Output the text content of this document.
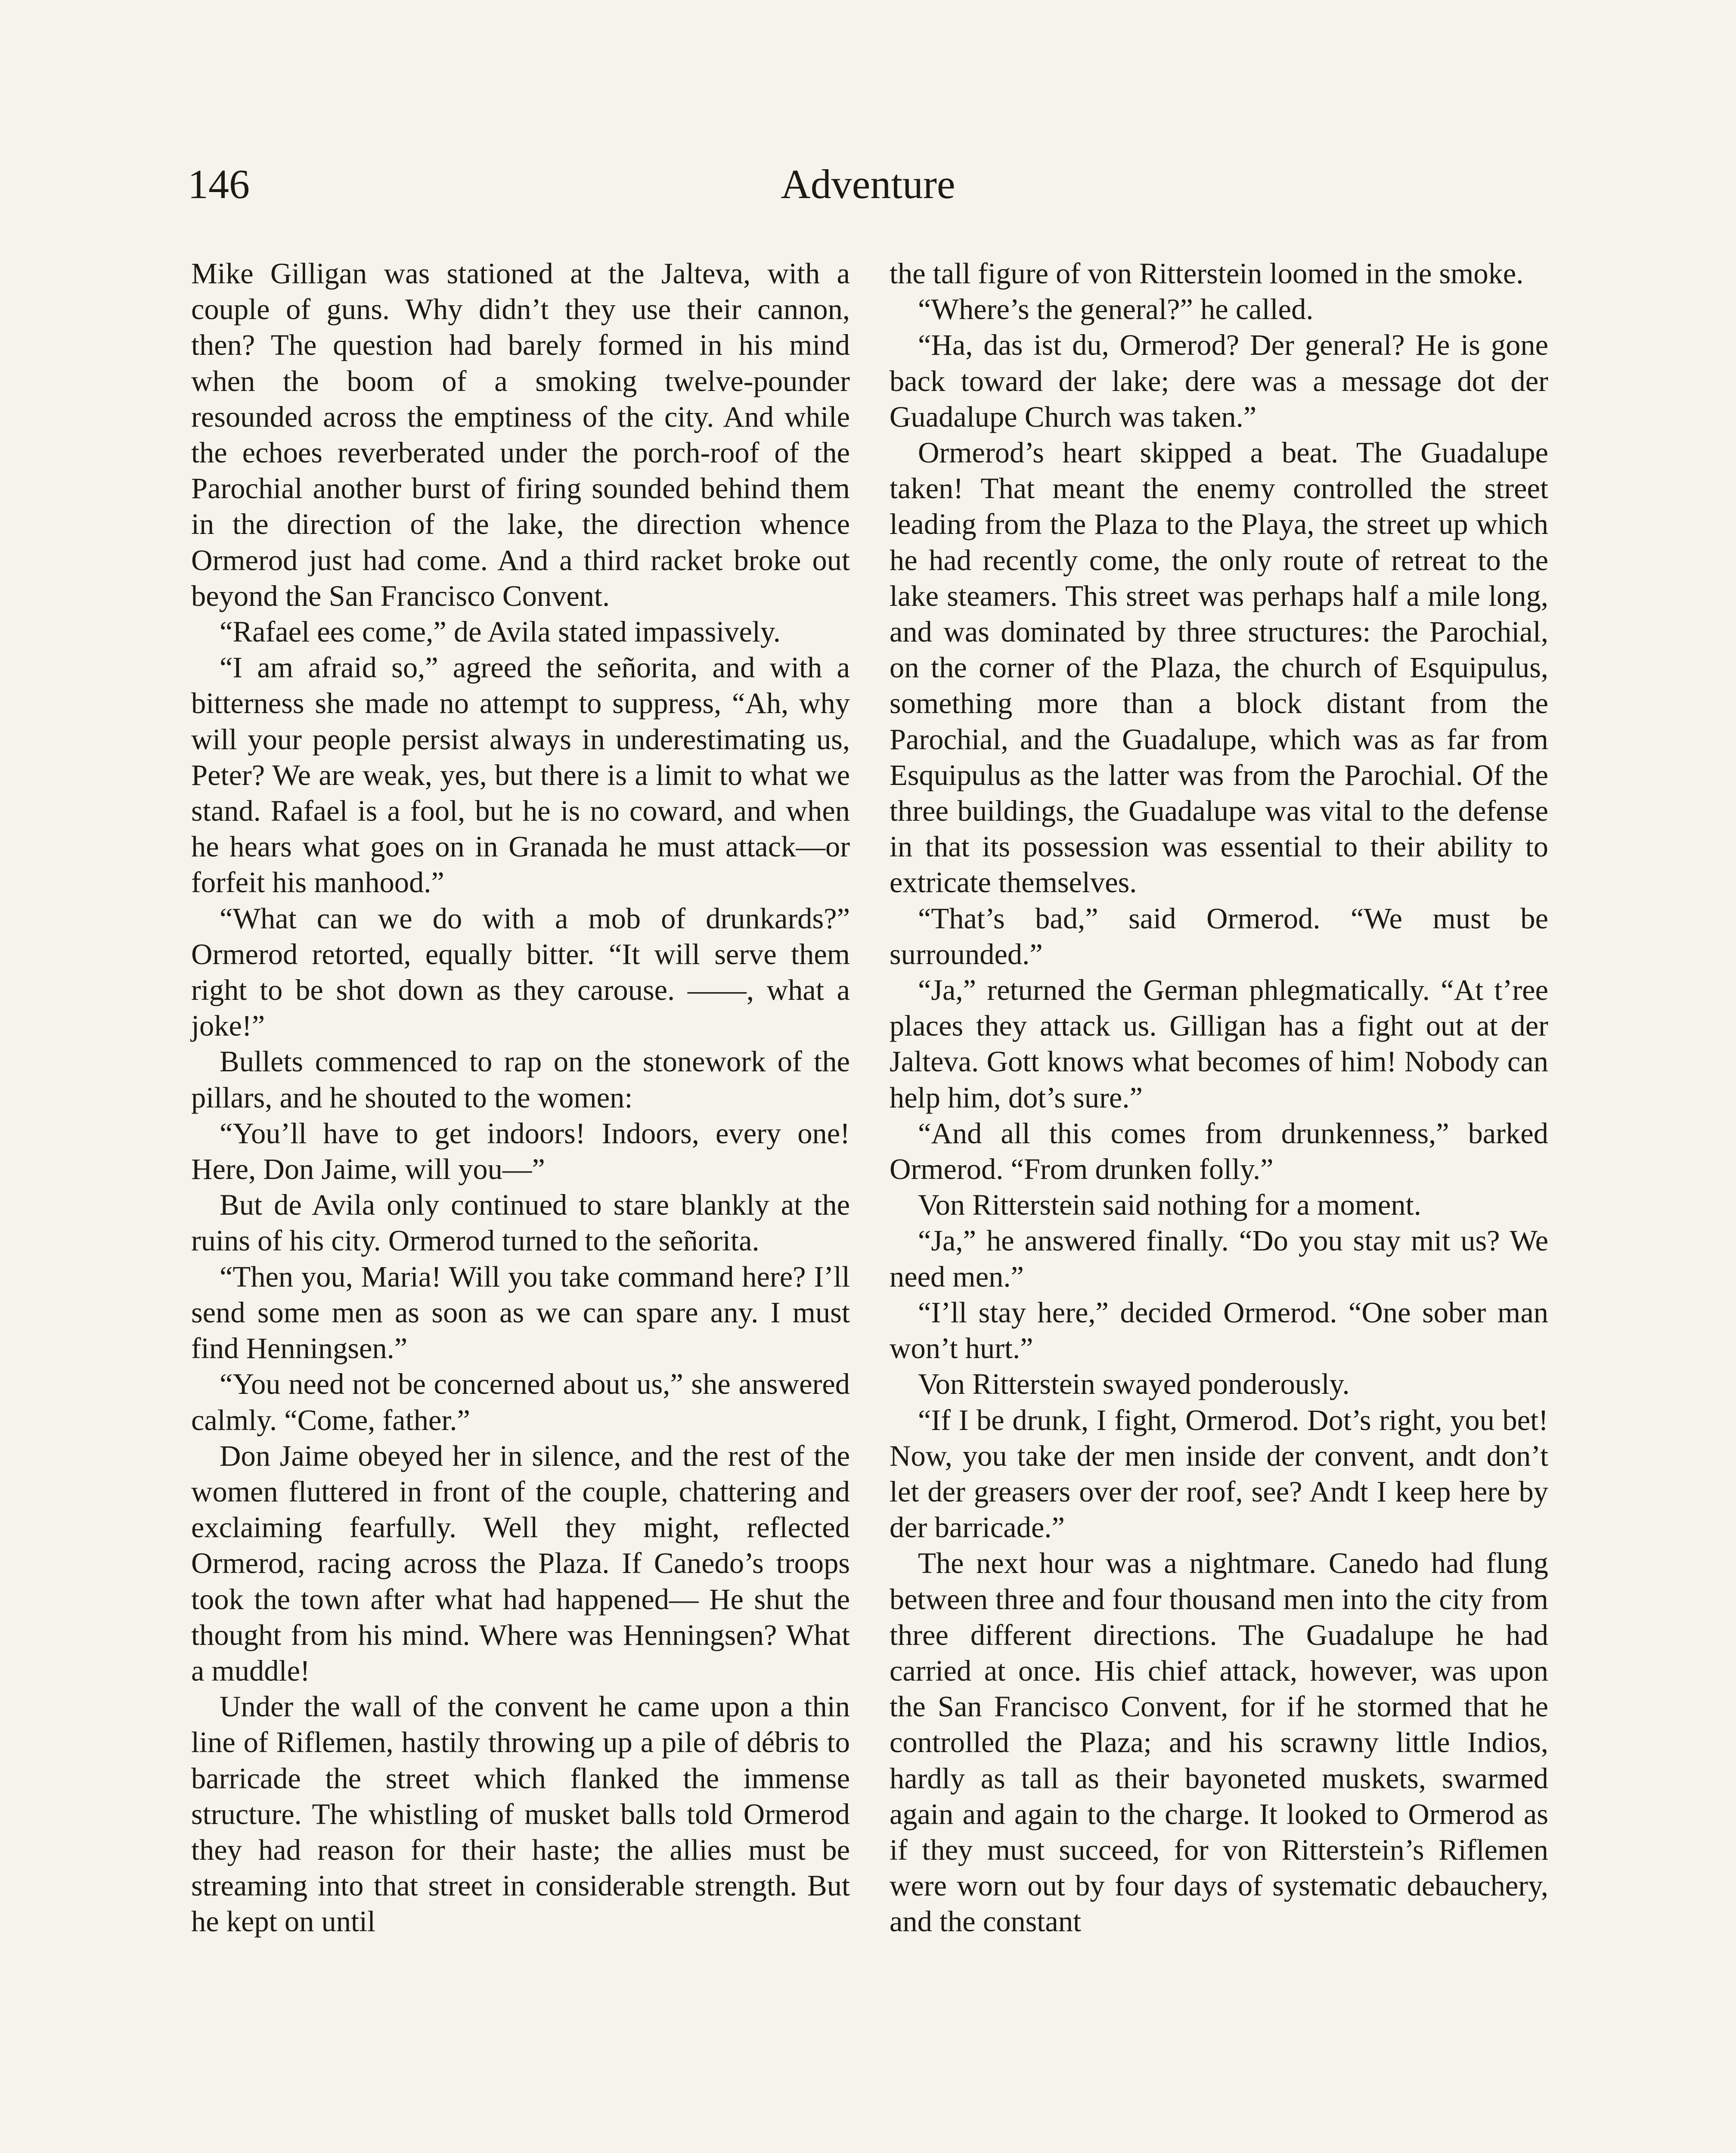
146	Adventure

Mike Gilligan was stationed at the Jalteva, with a couple of guns. Why didn’t they use their cannon, then? The question had barely formed in his mind when the boom of a smoking twelve-pounder resounded across the emptiness of the city. And while the echoes reverberated under the porch-roof of the Parochial another burst of firing sounded behind them in the direction of the lake, the direction whence Ormerod just had come. And a third racket broke out beyond the San Francisco Convent.

“Rafael ees come,” de Avila stated impassively.

“I am afraid so,” agreed the señorita, and with a bitterness she made no attempt to suppress, “Ah, why will your people persist always in underestimating us, Peter? We are weak, yes, but there is a limit to what we stand. Rafael is a fool, but he is no coward, and when he hears what goes on in Granada he must attack—or forfeit his manhood.”

“What can we do with a mob of drunkards?” Ormerod retorted, equally bitter. “It will serve them right to be shot down as they carouse. ——, what a joke!”

Bullets commenced to rap on the stonework of the pillars, and he shouted to the women:

“You’ll have to get indoors! Indoors, every one! Here, Don Jaime, will you—”

But de Avila only continued to stare blankly at the ruins of his city. Ormerod turned to the señorita.

“Then you, Maria! Will you take command here? I’ll send some men as soon as we can spare any. I must find Henningsen.”

“You need not be concerned about us,” she answered calmly. “Come, father.”

Don Jaime obeyed her in silence, and the rest of the women fluttered in front of the couple, chattering and exclaiming fearfully. Well they might, reflected Ormerod, racing across the Plaza. If Canedo’s troops took the town after what had happened— He shut the thought from his mind. Where was Henningsen? What a muddle!

Under the wall of the convent he came upon a thin line of Riflemen, hastily throwing up a pile of débris to barricade the street which flanked the immense structure. The whistling of musket balls told Ormerod they had reason for their haste; the allies must be streaming into that street in considerable strength. But he kept on until

the tall figure of von Ritterstein loomed in the smoke.

“Where’s the general?” he called.

“Ha, das ist du, Ormerod? Der general? He is gone back toward der lake; dere was a message dot der Guadalupe Church was taken.”

Ormerod’s heart skipped a beat. The Guadalupe taken! That meant the enemy controlled the street leading from the Plaza to the Playa, the street up which he had recently come, the only route of retreat to the lake steamers. This street was perhaps half a mile long, and was dominated by three structures: the Parochial, on the corner of the Plaza, the church of Esquipulus, something more than a block distant from the Parochial, and the Guadalupe, which was as far from Esquipulus as the latter was from the Parochial. Of the three buildings, the Guadalupe was vital to the defense in that its possession was essential to their ability to extricate themselves.

“That’s bad,” said Ormerod. “We must be surrounded.”

“Ja,” returned the German phlegmatically. “At t’ree places they attack us. Gilligan has a fight out at der Jalteva. Gott knows what becomes of him! Nobody can help him, dot’s sure.”

“And all this comes from drunkenness,” barked Ormerod. “From drunken folly.”

Von Ritterstein said nothing for a moment.

“Ja,” he answered finally. “Do you stay mit us? We need men.”

“I’ll stay here,” decided Ormerod. “One sober man won’t hurt.”

Von Ritterstein swayed ponderously.

“If I be drunk, I fight, Ormerod. Dot’s right, you bet! Now, you take der men inside der convent, andt don’t let der greasers over der roof, see? Andt I keep here by der barricade.”

The next hour was a nightmare. Canedo had flung between three and four thousand men into the city from three different directions. The Guadalupe he had carried at once. His chief attack, however, was upon the San Francisco Convent, for if he stormed that he controlled the Plaza; and his scrawny little Indios, hardly as tall as their bayoneted muskets, swarmed again and again to the charge. It looked to Ormerod as if they must succeed, for von Ritterstein’s Riflemen were worn out by four days of systematic debauchery, and the constant
